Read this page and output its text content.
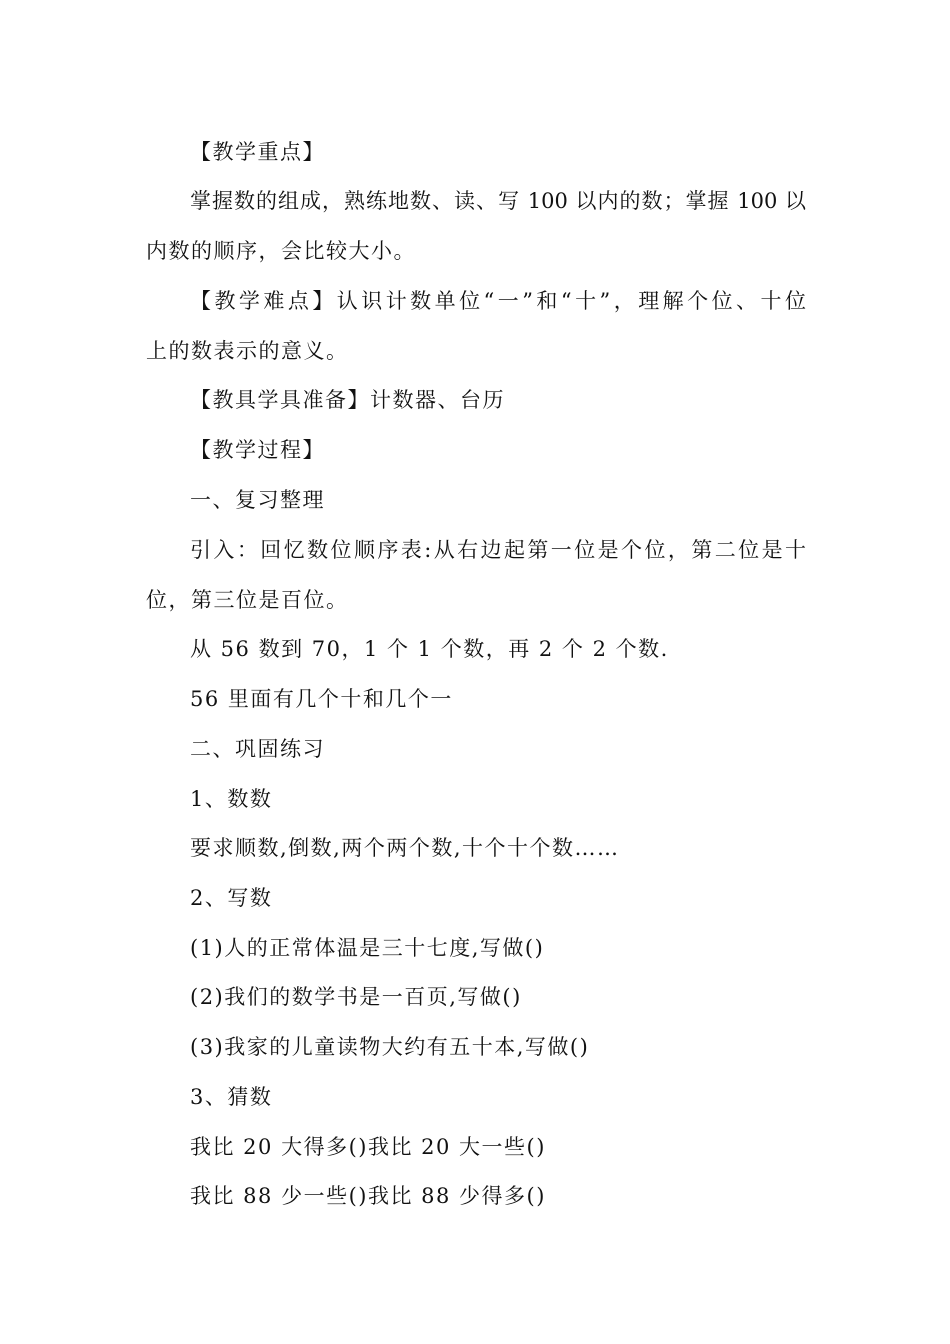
【教学重点】
掌握数的组成，熟练地数、读、写 100 以内的数；掌握 100 以
内数的顺序，会比较大小。
【教学难点】认识计数单位“一”和“十”，理解个位、十位
上的数表示的意义。
【教具学具准备】计数器、台历
【教学过程】
一、复习整理
引入：回忆数位顺序表:从右边起第一位是个位，第二位是十
位，第三位是百位。
从 56 数到 70，1 个 1 个数，再 2 个 2 个数.
56 里面有几个十和几个一
二、巩固练习
1、数数
要求顺数,倒数,两个两个数,十个十个数……
2、写数
(1)人的正常体温是三十七度,写做()
(2)我们的数学书是一百页,写做()
(3)我家的儿童读物大约有五十本,写做()
3、猜数
我比 20 大得多()我比 20 大一些()
我比 88 少一些()我比 88 少得多()
